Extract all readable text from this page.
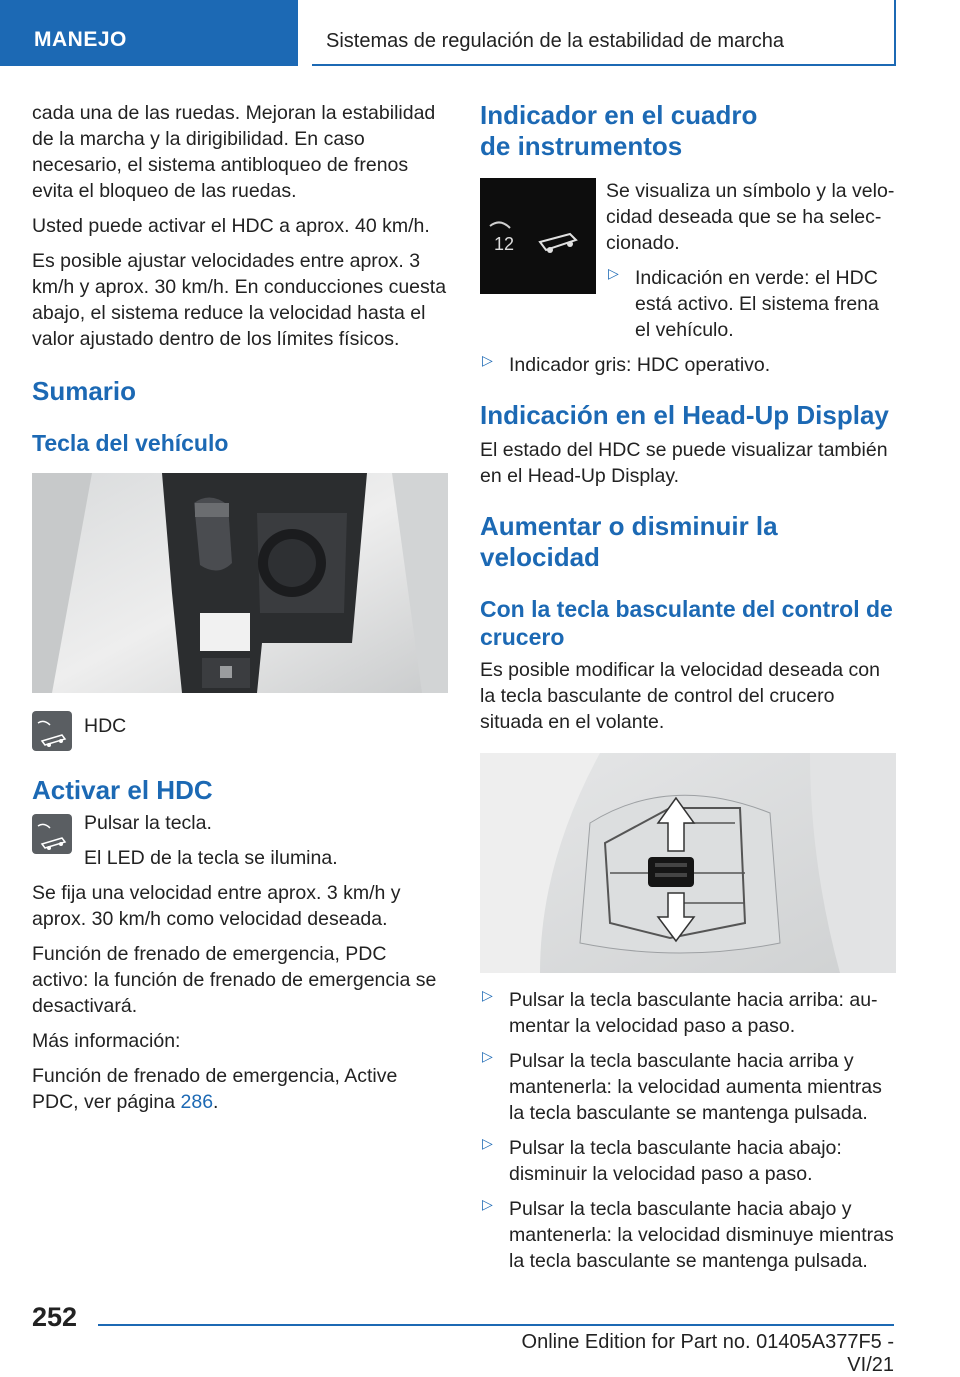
MANEJO	Sistemas de regulación de la estabilidad de marcha

cada una de las ruedas. Mejoran la estabilidad de la marcha y la dirigibilidad. En caso necesario, el sistema antibloqueo de frenos evita el bloqueo de las ruedas.

Usted puede activar el HDC a aprox. 40 km/h.

Es posible ajustar velocidades entre aprox. 3 km/h y aprox. 30 km/h. En conducciones cuesta abajo, el sistema reduce la velocidad hasta el valor ajustado dentro de los límites físicos.

Sumario
Tecla del vehículo

HDC

Activar el HDC

Pulsar la tecla.

El LED de la tecla se ilumina.

Se fija una velocidad entre aprox. 3 km/h y aprox. 30 km/h como velocidad deseada.

Función de frenado de emergencia, PDC activo: la función de frenado de emergencia se desactivará.

Más información:

Función de frenado de emergencia, Active PDC, ver página 286.

Indicador en el cuadro de instrumentos
12

Se visualiza un símbolo y la velocidad deseada que se ha seleccionado.

▷ Indicación en verde: el HDC está activo. El sistema frena el vehículo.

▷ Indicador gris: HDC operativo.

Indicación en el Head-Up Display

El estado del HDC se puede visualizar también en el Head-Up Display.

Aumentar o disminuir la velocidad
Con la tecla basculante del control de crucero

Es posible modificar la velocidad deseada con la tecla basculante de control del crucero situada en el volante.

▷ Pulsar la tecla basculante hacia arriba: aumentar la velocidad paso a paso.

▷ Pulsar la tecla basculante hacia arriba y mantenerla: la velocidad aumenta mientras la tecla basculante se mantenga pulsada.

▷ Pulsar la tecla basculante hacia abajo: disminuir la velocidad paso a paso.

▷ Pulsar la tecla basculante hacia abajo y mantenerla: la velocidad disminuye mientras la tecla basculante se mantenga pulsada.

252
Online Edition for Part no. 01405A377F5 - VI/21
